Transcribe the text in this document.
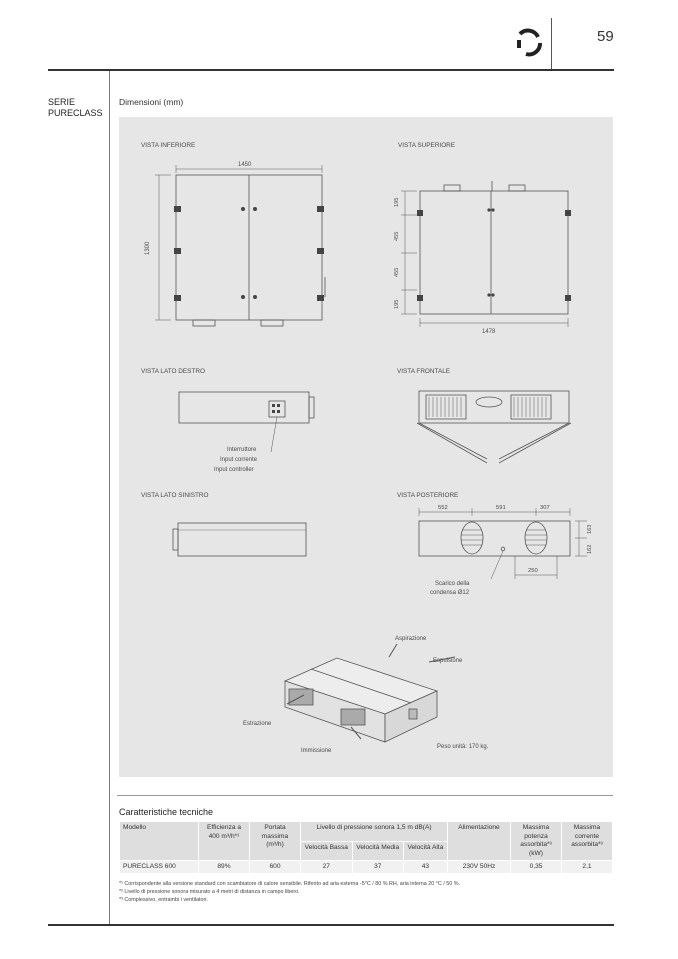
59
SERIE
PURECLASS
Dimensioni (mm)
VISTA INFERIORE
1450
1300
VISTA SUPERIORE
195
455
455
195
1478
VISTA LATO DESTRO
Interruttore
Input corrente
Input controller
VISTA FRONTALE
VISTA LATO SINISTRO	VISTA POSTERIORE
552	591	307
163
162
250
Scarico della
condensa Ø12
Aspirazione
Espulsione
Estrazione
Immissione
Peso unità: 170 kg.
Caratteristiche tecniche
Modello	Efficienza a 400 m³/h*¹	Portata massima (m³/h)	Livello di pressione sonora 1,5 m dB(A)			Alimentazione	Massima potenza assorbita*³ (kW)	Massima corrente assorbita*³
			Velocità Bassa	Velocità Media	Velocità Alta			
PURECLASS 600	89%	600	27	37	43	230V 50Hz	0,35	2,1
*¹ Corrispondente alla versione standard con scambiatore di calore sensibile. Riferito ad aria esterna -5°C / 80 % RH, aria interna 20 °C / 50 %.
*² Livello di pressione sonora misurato a 4 metri di distanza in campo libero.
*³ Complessivo, entrambi i ventilatori.
